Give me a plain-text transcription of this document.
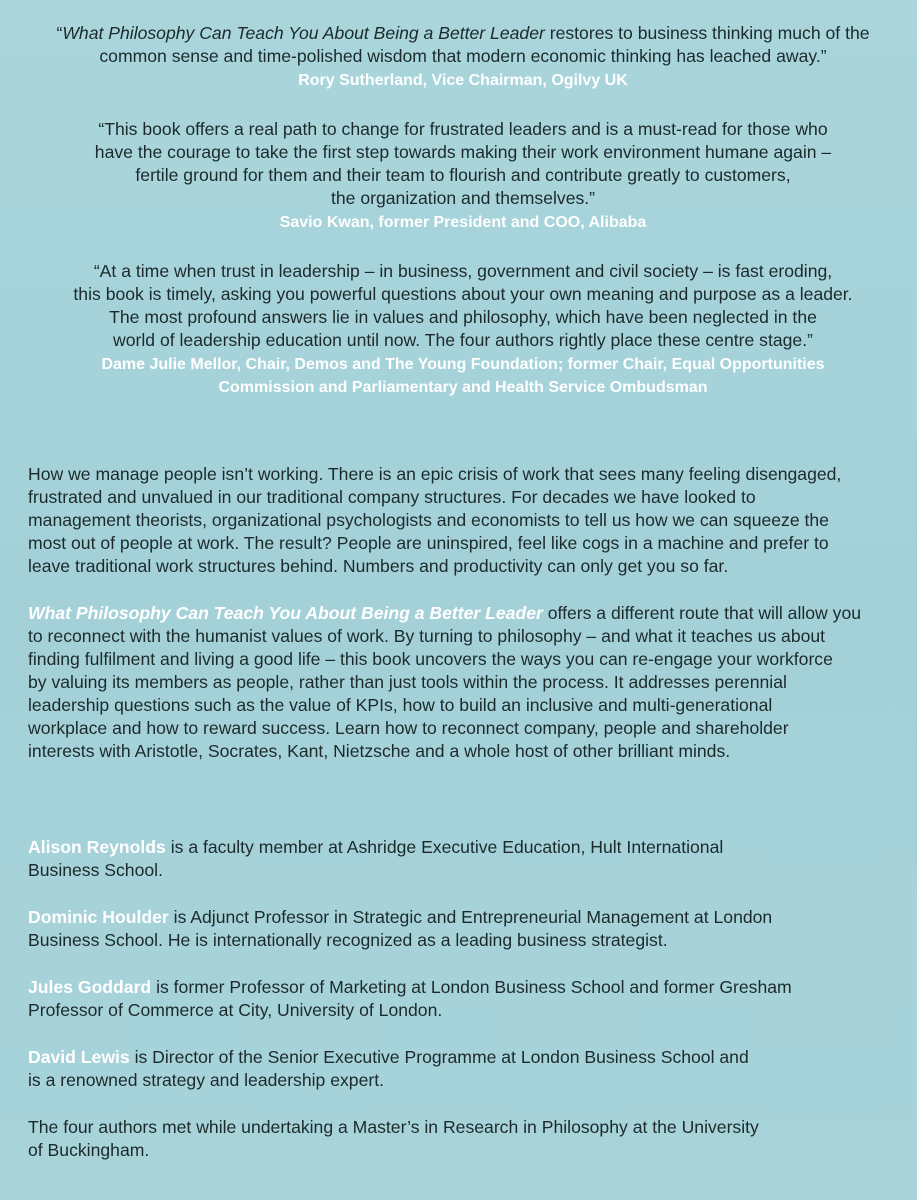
“What Philosophy Can Teach You About Being a Better Leader restores to business thinking much of the
common sense and time-polished wisdom that modern economic thinking has leached away.”

Rory Sutherland, Vice Chairman, Ogilvy UK

“This book offers a real path to change for frustrated leaders and is a must-read for those who
have the courage to take the first step towards making their work environment humane again –
fertile ground for them and their team to flourish and contribute greatly to customers,
the organization and themselves.”

Savio Kwan, former President and COO, Alibaba

“At a time when trust in leadership – in business, government and civil society – is fast eroding,
this book is timely, asking you powerful questions about your own meaning and purpose as a leader.
The most profound answers lie in values and philosophy, which have been neglected in the
world of leadership education until now. The four authors rightly place these centre stage.”

Dame Julie Mellor, Chair, Demos and The Young Foundation; former Chair, Equal Opportunities
Commission and Parliamentary and Health Service Ombudsman

How we manage people isn’t working. There is an epic crisis of work that sees many feeling disengaged,
frustrated and unvalued in our traditional company structures. For decades we have looked to
management theorists, organizational psychologists and economists to tell us how we can squeeze the
most out of people at work. The result? People are uninspired, feel like cogs in a machine and prefer to
leave traditional work structures behind. Numbers and productivity can only get you so far.

What Philosophy Can Teach You About Being a Better Leader offers a different route that will allow you
to reconnect with the humanist values of work. By turning to philosophy – and what it teaches us about
finding fulfilment and living a good life – this book uncovers the ways you can re-engage your workforce
by valuing its members as people, rather than just tools within the process. It addresses perennial
leadership questions such as the value of KPIs, how to build an inclusive and multi-generational
workplace and how to reward success. Learn how to reconnect company, people and shareholder
interests with Aristotle, Socrates, Kant, Nietzsche and a whole host of other brilliant minds.

Alison Reynolds is a faculty member at Ashridge Executive Education, Hult International
Business School.

Dominic Houlder is Adjunct Professor in Strategic and Entrepreneurial Management at London
Business School. He is internationally recognized as a leading business strategist.

Jules Goddard is former Professor of Marketing at London Business School and former Gresham
Professor of Commerce at City, University of London.

David Lewis is Director of the Senior Executive Programme at London Business School and
is a renowned strategy and leadership expert.

The four authors met while undertaking a Master’s in Research in Philosophy at the University
of Buckingham.
